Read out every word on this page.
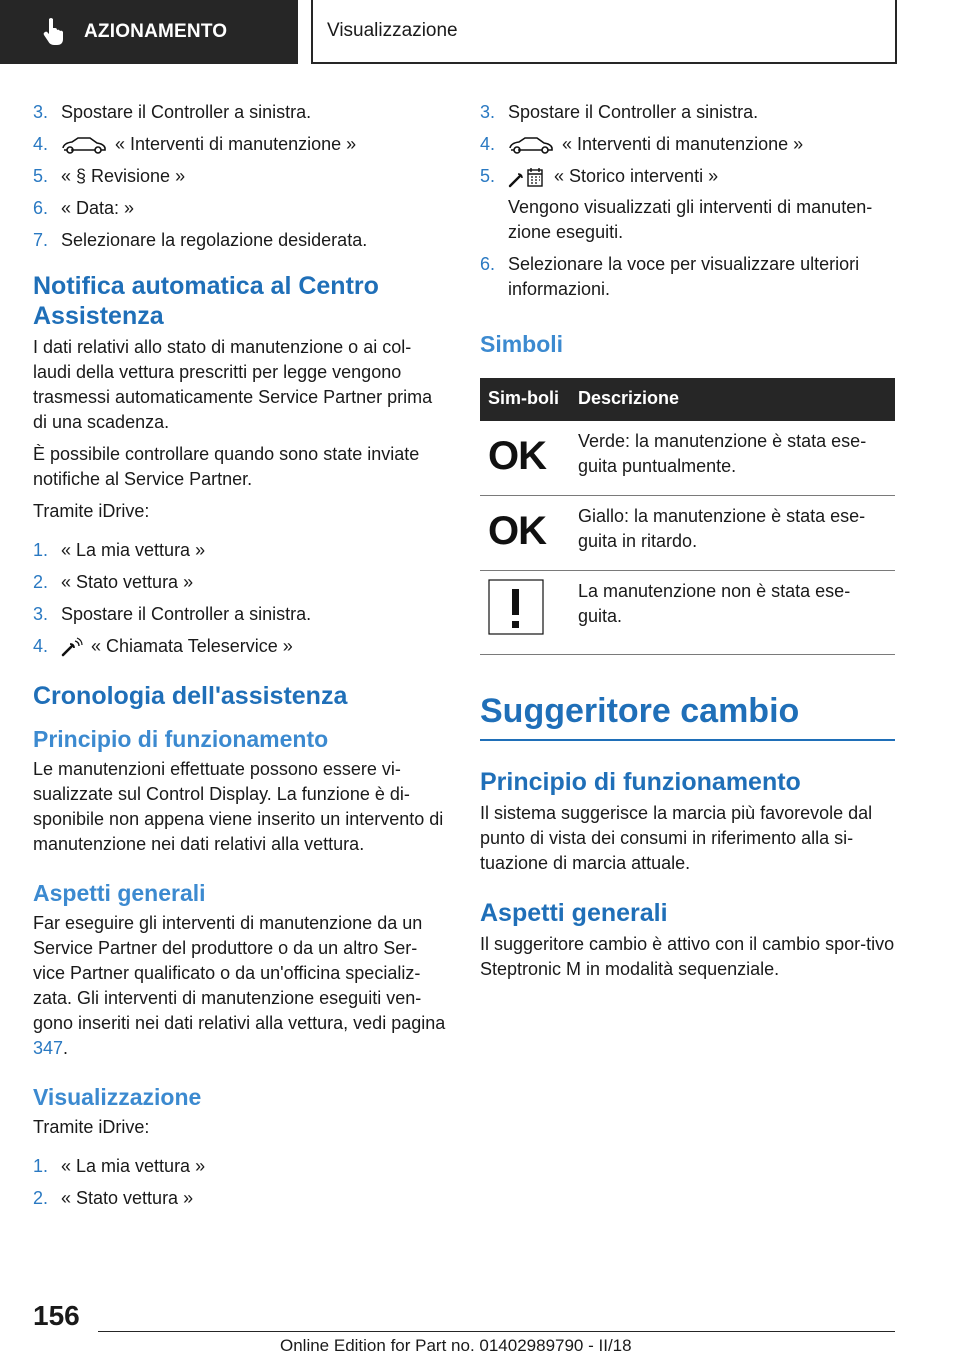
AZIONAMENTO	Visualizzazione
3. Spostare il Controller a sinistra.
4.	« Interventi di manutenzione »
5. « § Revisione »
6. « Data: »
7. Selezionare la regolazione desiderata.
Notifica automatica al Centro Assistenza

I dati relativi allo stato di manutenzione o ai col-laudi della vettura prescritti per legge vengono trasmessi automaticamente Service Partner prima di una scadenza.

È possibile controllare quando sono state inviate notifiche al Service Partner.

Tramite iDrive:

1. « La mia vettura »
2. « Stato vettura »
3. Spostare il Controller a sinistra.
4.	« Chiamata Teleservice »
Cronologia dell'assistenza
Principio di funzionamento

Le manutenzioni effettuate possono essere vi-sualizzate sul Control Display. La funzione è di-sponibile non appena viene inserito un intervento di manutenzione nei dati relativi alla vettura.

Aspetti generali

Far eseguire gli interventi di manutenzione da un Service Partner del produttore o da un altro Ser-vice Partner qualificato o da un'officina specializ-zata. Gli interventi di manutenzione eseguiti ven-gono inseriti nei dati relativi alla vettura, vedi pagina 347.

Visualizzazione

Tramite iDrive:

1. « La mia vettura »
2. « Stato vettura »
3. Spostare il Controller a sinistra.
4.	« Interventi di manutenzione »
5.	« Storico interventi »
Vengono visualizzati gli interventi di manuten-zione eseguiti.
6. Selezionare la voce per visualizzare ulteriori informazioni.
Simboli
Sim-boli	Descrizione
OK	Verde: la manutenzione è stata ese-guita puntualmente.
OK	Giallo: la manutenzione è stata ese-guita in ritardo.
	La manutenzione non è stata ese-guita.
Suggeritore cambio
Principio di funzionamento

Il sistema suggerisce la marcia più favorevole dal punto di vista dei consumi in riferimento alla si-tuazione di marcia attuale.

Aspetti generali

Il suggeritore cambio è attivo con il cambio spor-tivo Steptronic M in modalità sequenziale.

156
Online Edition for Part no. 01402989790 - II/18
